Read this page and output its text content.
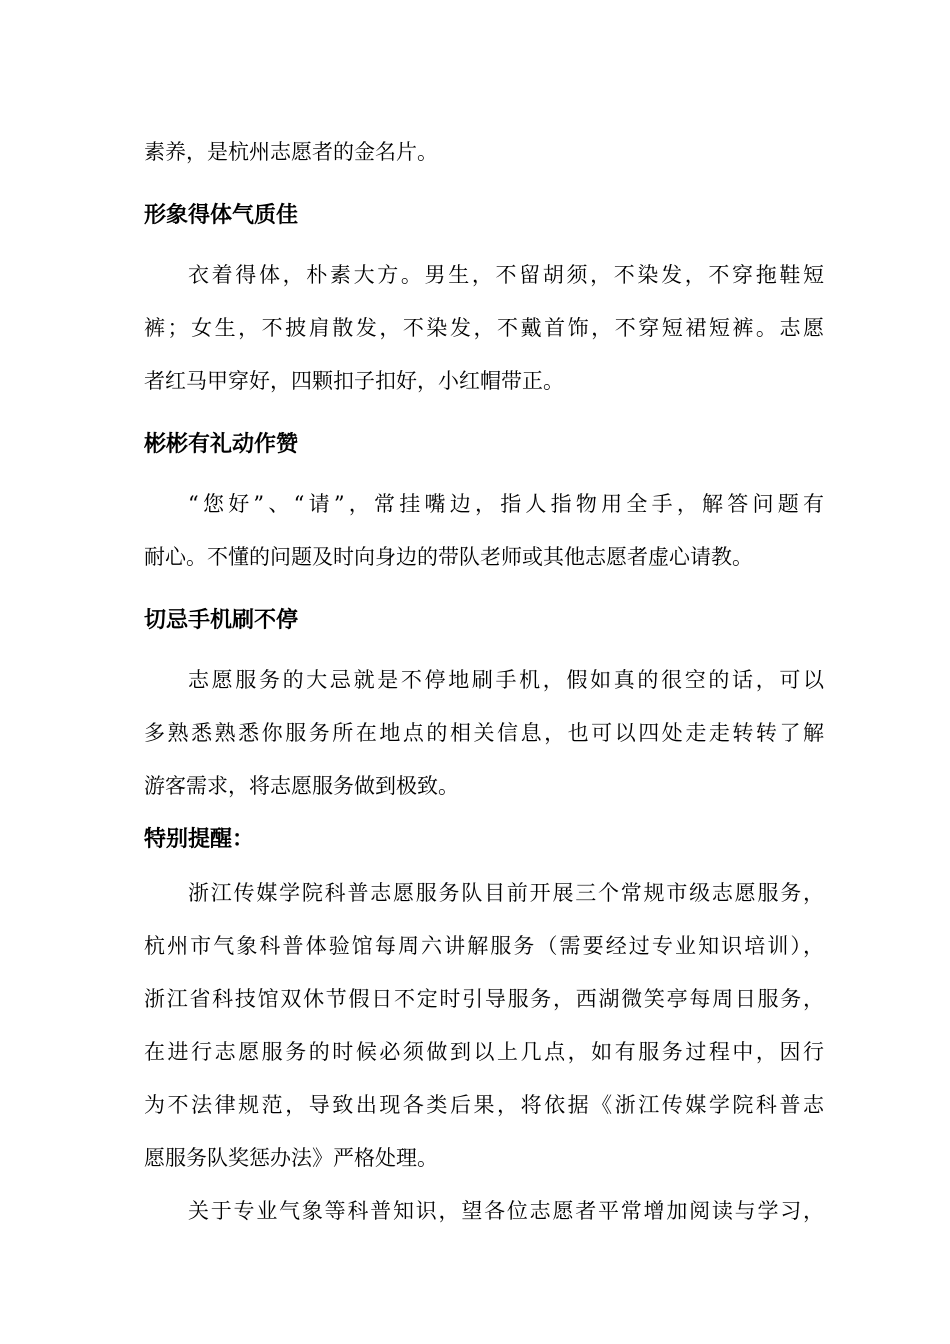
素养，是杭州志愿者的金名片。
形象得体气质佳
衣着得体，朴素大方。男生，不留胡须，不染发，不穿拖鞋短
裤；女生，不披肩散发，不染发，不戴首饰，不穿短裙短裤。志愿
者红马甲穿好，四颗扣子扣好，小红帽带正。
彬彬有礼动作赞
“您好”、“请”，常挂嘴边，指人指物用全手，解答问题有
耐心。不懂的问题及时向身边的带队老师或其他志愿者虚心请教。
切忌手机刷不停
志愿服务的大忌就是不停地刷手机，假如真的很空的话，可以
多熟悉熟悉你服务所在地点的相关信息，也可以四处走走转转了解
游客需求，将志愿服务做到极致。
特别提醒：
浙江传媒学院科普志愿服务队目前开展三个常规市级志愿服务，
杭州市气象科普体验馆每周六讲解服务（需要经过专业知识培训），
浙江省科技馆双休节假日不定时引导服务，西湖微笑亭每周日服务，
在进行志愿服务的时候必须做到以上几点，如有服务过程中，因行
为不法律规范，导致出现各类后果，将依据《浙江传媒学院科普志
愿服务队奖惩办法》严格处理。
关于专业气象等科普知识，望各位志愿者平常增加阅读与学习，
